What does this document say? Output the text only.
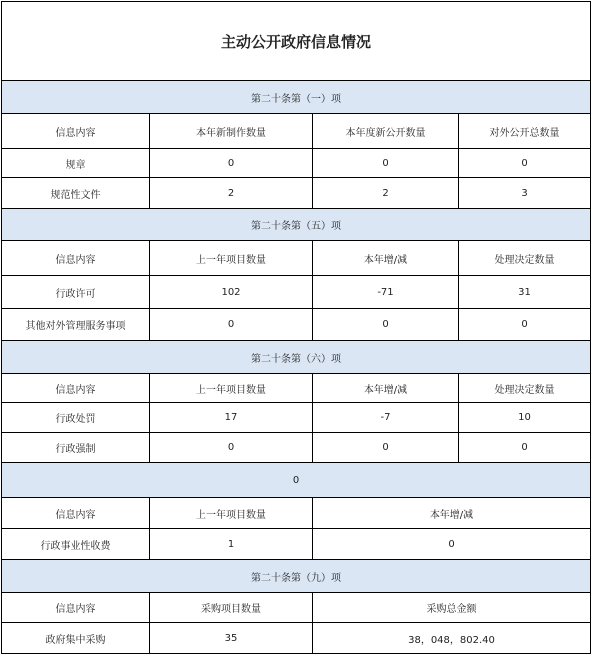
主动公开政府信息情况			
第二十条第（一）项			
信息内容	本年新制作数量	本年度新公开数量	对外公开总数量
规章	0	0	0
规范性文件	2	2	3
第二十条第（五）项			
信息内容	上一年项目数量	本年增/减	处理决定数量
行政许可	102	-71	31
其他对外管理服务事项	0	0	0
第二十条第（六）项			
信息内容	上一年项目数量	本年增/减	处理决定数量
行政处罚	17	-7	10
行政强制	0	0	0
0			
信息内容	上一年项目数量	本年增/减	
行政事业性收费	1	0	
第二十条第（九）项			
信息内容	采购项目数量	采购总金额	
政府集中采购	35	38，048，802.40	
